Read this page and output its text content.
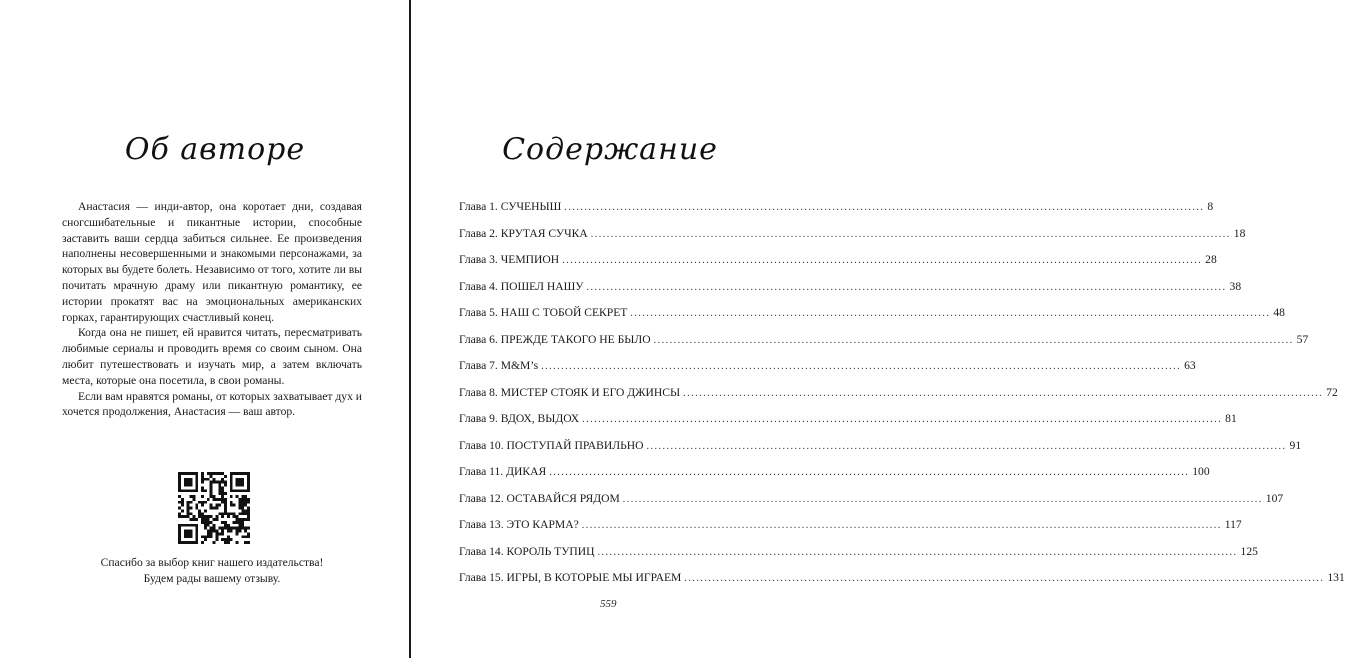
Об авторе

Анастасия — инди-автор, она коротает дни, создавая сногсшибательные и пикантные истории, способные заставить ваши сердца забиться сильнее. Ее произведения наполнены несовершенными и знакомыми персонажами, за которых вы будете болеть. Независимо от того, хотите ли вы почитать мрачную драму или пикантную романтику, ее истории прокатят вас на эмоциональных американских горках, гарантирующих счастливый конец.

Когда она не пишет, ей нравится читать, пересматривать любимые сериалы и проводить время со своим сыном. Она любит путешествовать и изучать мир, а затем включать места, которые она посетила, в свои романы.

Если вам нравятся романы, от которых захватывает дух и хочется продолжения, Анастасия — ваш автор.

Спасибо за выбор книг нашего издательства!
Будем рады вашему отзыву.
Содержание
Глава 1. СУЧЕНЫШ ................................................................................................................................................................ 8
Глава 2. КРУТАЯ СУЧКА ................................................................................................................................................................ 18
Глава 3. ЧЕМПИОН ................................................................................................................................................................ 28
Глава 4. ПОШЕЛ НАШУ ................................................................................................................................................................ 38
Глава 5. НАШ С ТОБОЙ СЕКРЕТ ................................................................................................................................................................ 48
Глава 6. ПРЕЖДЕ ТАКОГО НЕ БЫЛО ................................................................................................................................................................ 57
Глава 7. M&M’s ................................................................................................................................................................ 63
Глава 8. МИСТЕР СТОЯК И ЕГО ДЖИНСЫ ................................................................................................................................................................ 72
Глава 9. ВДОХ, ВЫДОХ ................................................................................................................................................................ 81
Глава 10. ПОСТУПАЙ ПРАВИЛЬНО ................................................................................................................................................................ 91
Глава 11. ДИКАЯ ................................................................................................................................................................ 100
Глава 12. ОСТАВАЙСЯ РЯДОМ ................................................................................................................................................................ 107
Глава 13. ЭТО КАРМА? ................................................................................................................................................................ 117
Глава 14. КОРОЛЬ ТУПИЦ ................................................................................................................................................................ 125
Глава 15. ИГРЫ, В КОТОРЫЕ МЫ ИГРАЕМ ................................................................................................................................................................ 131
559
